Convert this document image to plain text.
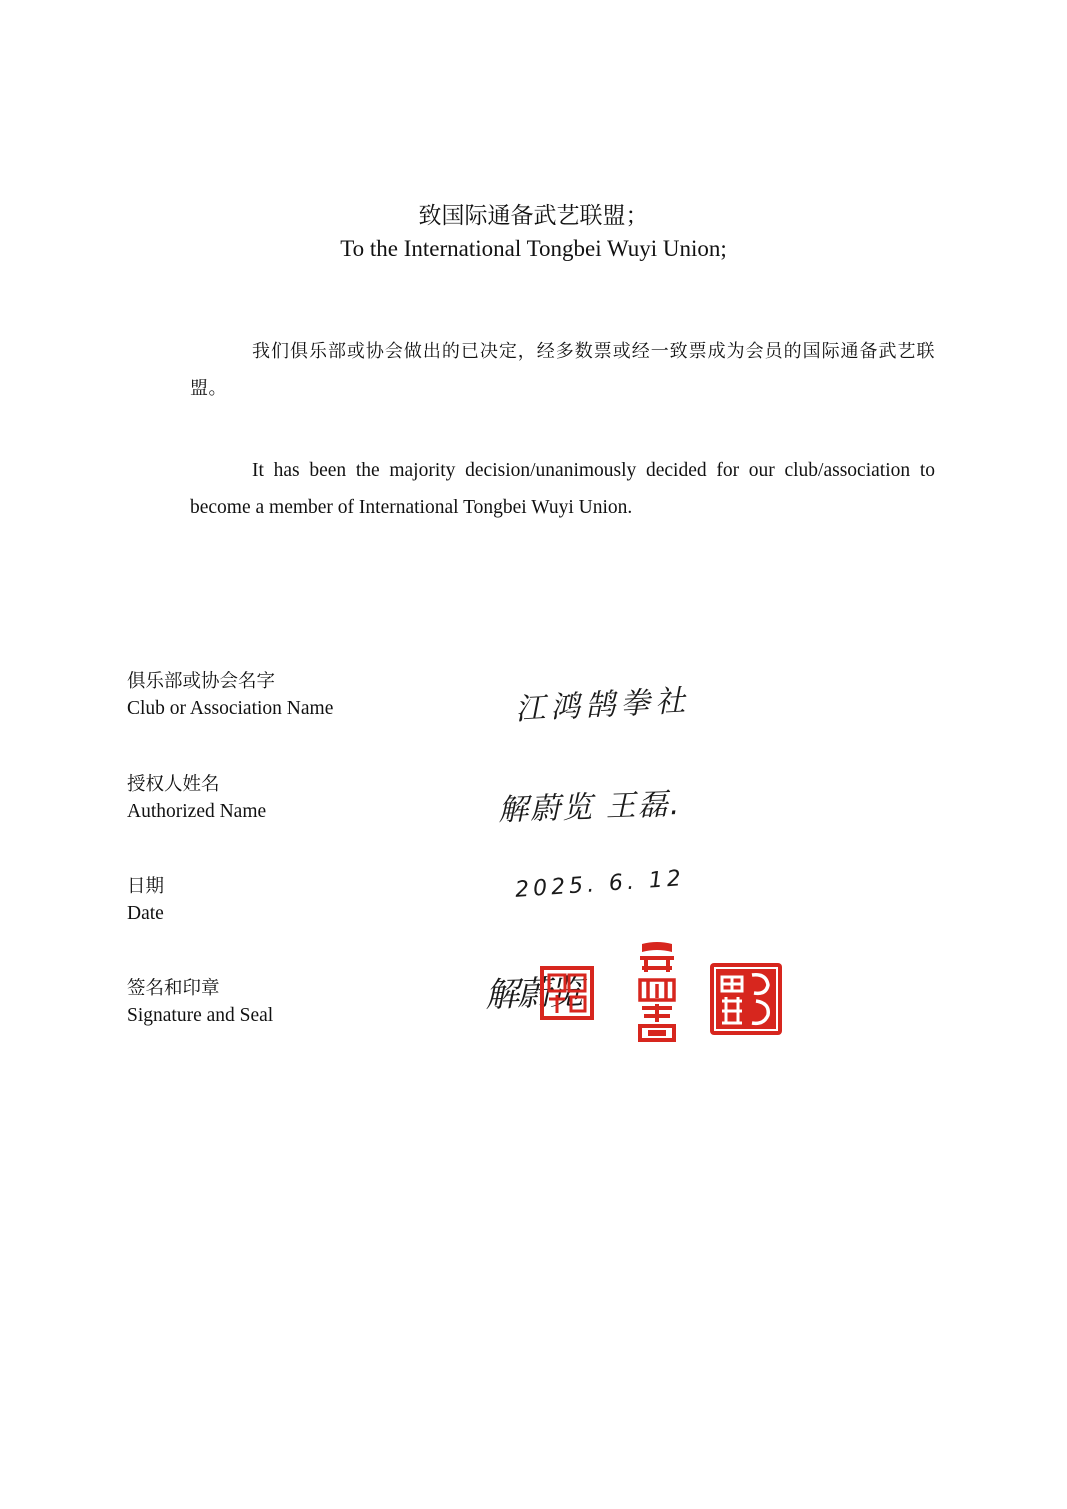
致国际通备武艺联盟；
To the International Tongbei Wuyi Union;
我们俱乐部或协会做出的已决定，经多数票或经一致票成为会员的国际通备武艺联盟。
It has been the majority decision/unanimously decided for our club/association to become a member of International Tongbei Wuyi Union.
俱乐部或协会名字
Club or Association Name	江鸿鹄拳社
授权人姓名
Authorized Name	解蔚览 王磊.
日期
Date
2025. 6. 12
签名和印章
Signature and Seal	解蔚览
